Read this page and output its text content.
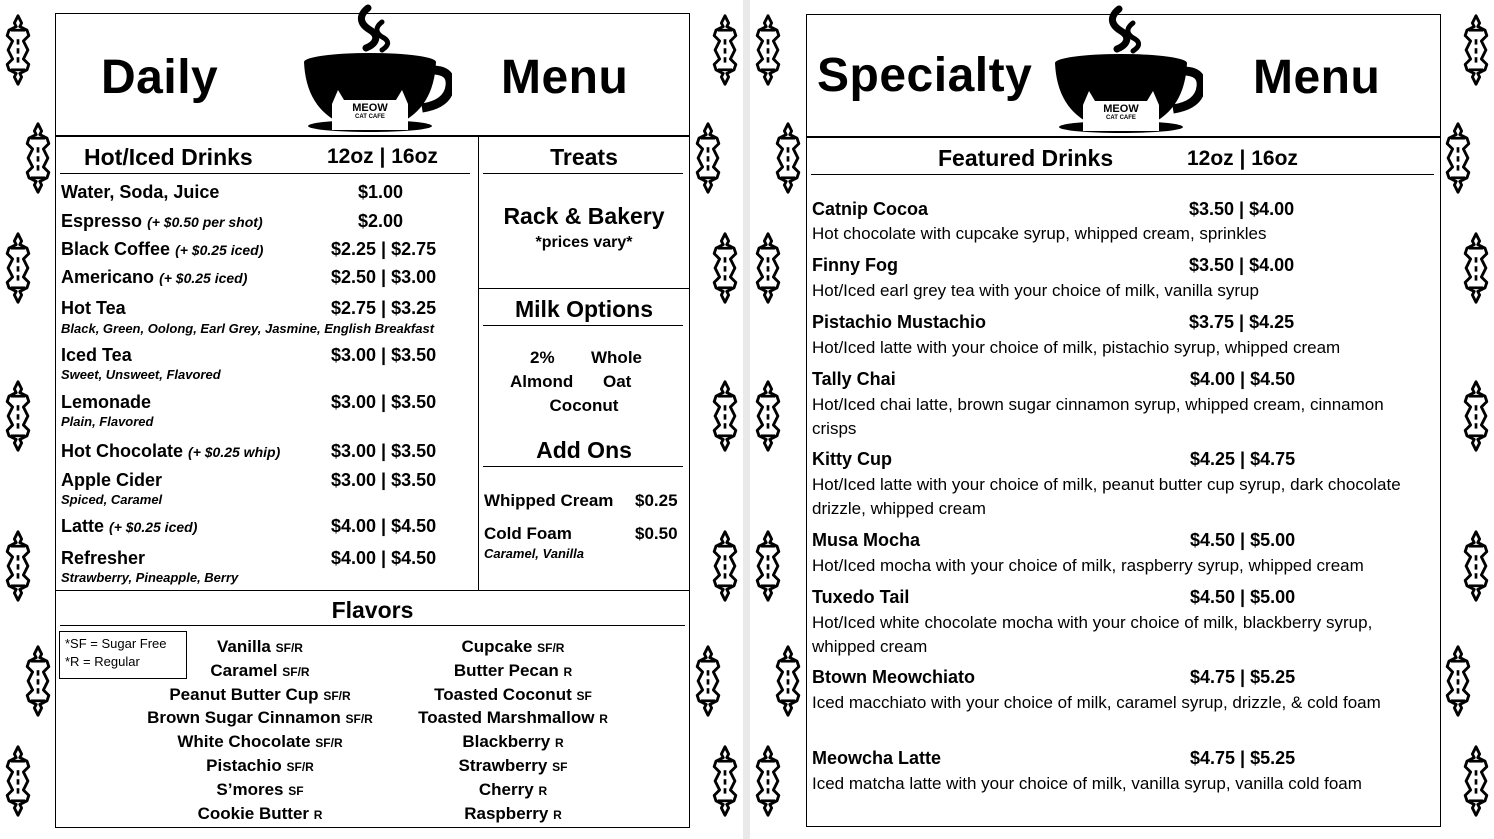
Daily	Menu
BTOWN
MEOW
CAT CAFE
Hot/Iced Drinks	12oz | 16oz
Water, Soda, Juice	$1.00
Espresso (+ $0.50 per shot)	$2.00
Black Coffee (+ $0.25 iced)	$2.25 | $2.75
Americano (+ $0.25 iced)	$2.50 | $3.00
Hot Tea	$2.75 | $3.25
Black, Green, Oolong, Earl Grey, Jasmine, English Breakfast
Iced Tea	$3.00 | $3.50
Sweet, Unsweet, Flavored
Lemonade	$3.00 | $3.50
Plain, Flavored
Hot Chocolate (+ $0.25 whip)	$3.00 | $3.50
Apple Cider	$3.00 | $3.50
Spiced, Caramel
Latte (+ $0.25 iced)	$4.00 | $4.50
Refresher	$4.00 | $4.50
Strawberry, Pineapple, Berry
Treats
Rack & Bakery
*prices vary*
Milk Options
2% Whole
Almond Oat
Coconut
Add Ons
Whipped Cream $0.25
Cold Foam	$0.50
Caramel, Vanilla
Flavors
*SF = Sugar Free
*R = Regular
Vanilla SF/R
Caramel SF/R
Peanut Butter Cup SF/R
Brown Sugar Cinnamon SF/R
White Chocolate SF/R
Pistachio SF/R
S’mores SF
Cookie Butter R
Cupcake SF/R
Butter Pecan R
Toasted Coconut SF
Toasted Marshmallow R
Blackberry R
Strawberry SF
Cherry R
Raspberry R
Specialty	Menu
BTOWN
MEOW
CAT CAFE
Featured Drinks	12oz | 16oz
Catnip Cocoa	$3.50 | $4.00
Hot chocolate with cupcake syrup, whipped cream, sprinkles
Finny Fog	$3.50 | $4.00
Hot/Iced earl grey tea with your choice of milk, vanilla syrup
Pistachio Mustachio	$3.75 | $4.25
Hot/Iced latte with your choice of milk, pistachio syrup, whipped cream
Tally Chai	$4.00 | $4.50
Hot/Iced chai latte, brown sugar cinnamon syrup, whipped cream, cinnamon crisps
Kitty Cup	$4.25 | $4.75
Hot/Iced latte with your choice of milk, peanut butter cup syrup, dark chocolate drizzle, whipped cream
Musa Mocha	$4.50 | $5.00
Hot/Iced mocha with your choice of milk, raspberry syrup, whipped cream
Tuxedo Tail	$4.50 | $5.00
Hot/Iced white chocolate mocha with your choice of milk, blackberry syrup, whipped cream
Btown Meowchiato	$4.75 | $5.25
Iced macchiato with your choice of milk, caramel syrup, drizzle, & cold foam
Meowcha Latte	$4.75 | $5.25
Iced matcha latte with your choice of milk, vanilla syrup, vanilla cold foam
